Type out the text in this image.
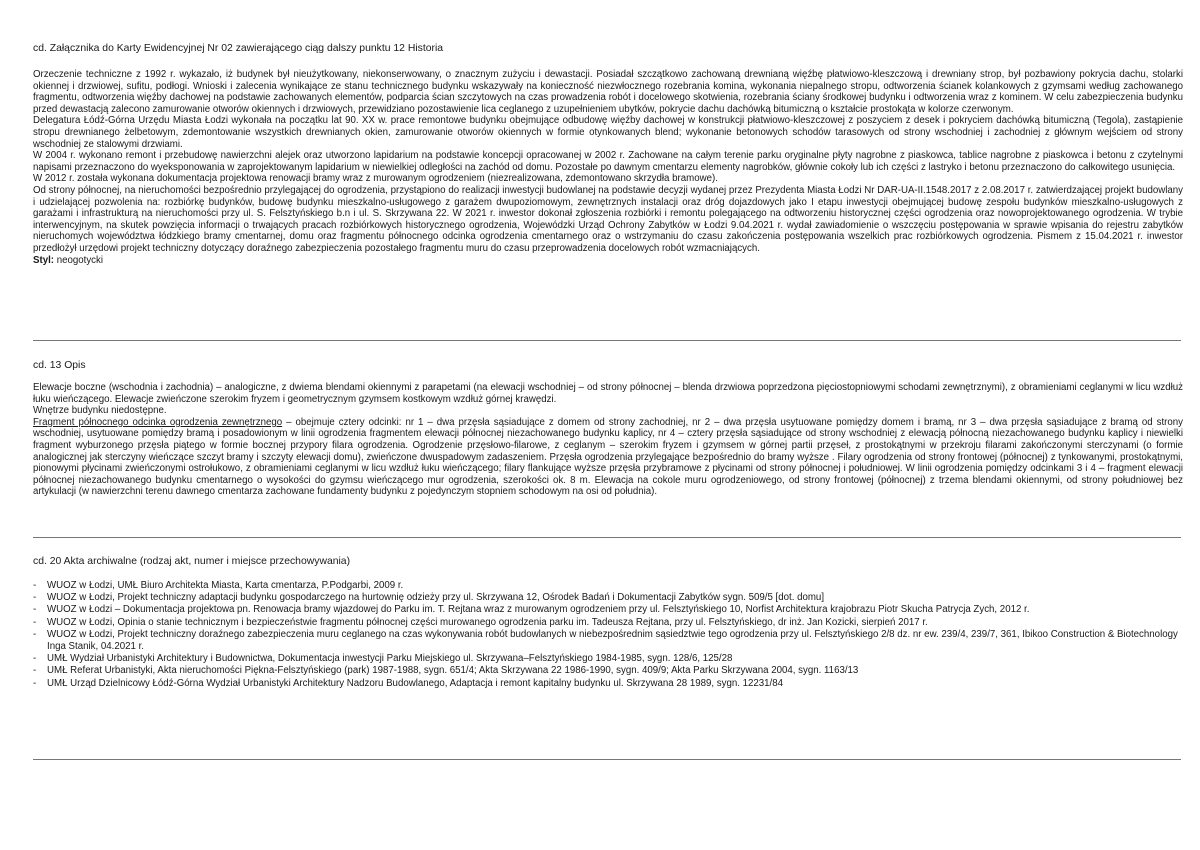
cd. Załącznika do Karty Ewidencyjnej Nr 02 zawierającego ciąg dalszy punktu 12 Historia

Orzeczenie techniczne z 1992 r. wykazało, iż budynek był nieużytkowany, niekonserwowany, o znacznym zużyciu i dewastacji. Posiadał szczątkowo zachowaną drewnianą więźbę płatwiowo-kleszczową i drewniany strop, był pozbawiony pokrycia dachu, stolarki okiennej i drzwiowej, sufitu, podłogi. Wnioski i zalecenia wynikające ze stanu technicznego budynku wskazywały na konieczność niezwłocznego rozebrania komina, wykonania niepalnego stropu, odtworzenia ścianek kolankowych z gzymsami według zachowanego fragmentu, odtworzenia więźby dachowej na podstawie zachowanych elementów, podparcia ścian szczytowych na czas prowadzenia robót i docelowego skotwienia, rozebrania ściany środkowej budynku i odtworzenia wraz z kominem. W celu zabezpieczenia budynku przed dewastacją zalecono zamurowanie otworów okiennych i drzwiowych, przewidziano pozostawienie lica ceglanego z uzupełnieniem ubytków, pokrycie dachu dachówką bitumiczną o kształcie prostokąta w kolorze czerwonym.

Delegatura Łódź-Górna Urzędu Miasta Łodzi wykonała na początku lat 90. XX w. prace remontowe budynku obejmujące odbudowę więźby dachowej w konstrukcji płatwiowo-kleszczowej z poszyciem z desek i pokryciem dachówką bitumiczną (Tegola), zastąpienie stropu drewnianego żelbetowym, zdemontowanie wszystkich drewnianych okien, zamurowanie otworów okiennych w formie otynkowanych blend; wykonanie betonowych schodów tarasowych od strony wschodniej i zachodniej z głównym wejściem od strony wschodniej ze stalowymi drzwiami.

W 2004 r. wykonano remont i przebudowę nawierzchni alejek oraz utworzono lapidarium na podstawie koncepcji opracowanej w 2002 r. Zachowane na całym terenie parku oryginalne płyty nagrobne z piaskowca, tablice nagrobne z piaskowca i betonu z czytelnymi napisami przeznaczono do wyeksponowania w zaprojektowanym lapidarium w niewielkiej odległości na zachód od domu. Pozostałe po dawnym cmentarzu elementy nagrobków, głównie cokoły lub ich części z lastryko i betonu przeznaczono do całkowitego usunięcia.

W 2012 r. została wykonana dokumentacja projektowa renowacji bramy wraz z murowanym ogrodzeniem (niezrealizowana, zdemontowano skrzydła bramowe).

Od strony północnej, na nieruchomości bezpośrednio przylegającej do ogrodzenia, przystąpiono do realizacji inwestycji budowlanej na podstawie decyzji wydanej przez Prezydenta Miasta Łodzi Nr DAR-UA-II.1548.2017 z 2.08.2017 r. zatwierdzającej projekt budowlany i udzielającej pozwolenia na: rozbiórkę budynków, budowę budynku mieszkalno-usługowego z garażem dwupoziomowym, zewnętrznych instalacji oraz dróg dojazdowych jako I etapu inwestycji obejmującej budowę zespołu budynków mieszkalno-usługowych z garażami i infrastrukturą na nieruchomości przy ul. S. Felsztyńskiego b.n i ul. S. Skrzywana 22. W 2021 r. inwestor dokonał zgłoszenia rozbiórki i remontu polegającego na odtworzeniu historycznej części ogrodzenia oraz nowoprojektowanego ogrodzenia. W trybie interwencyjnym, na skutek powzięcia informacji o trwających pracach rozbiórkowych historycznego ogrodzenia, Wojewódzki Urząd Ochrony Zabytków w Łodzi 9.04.2021 r. wydał zawiadomienie o wszczęciu postępowania w sprawie wpisania do rejestru zabytków nieruchomych województwa łódzkiego bramy cmentarnej, domu oraz fragmentu północnego odcinka ogrodzenia cmentarnego oraz o wstrzymaniu do czasu zakończenia postępowania wszelkich prac rozbiórkowych ogrodzenia. Pismem z 15.04.2021 r. inwestor przedłożył urzędowi projekt techniczny dotyczący doraźnego zabezpieczenia pozostałego fragmentu muru do czasu przeprowadzenia docelowych robót wzmacniających.

Styl: neogotycki

cd. 13 Opis

Elewacje boczne (wschodnia i zachodnia) – analogiczne, z dwiema blendami okiennymi z parapetami (na elewacji wschodniej – od strony północnej – blenda drzwiowa poprzedzona pięciostopniowymi schodami zewnętrznymi), z obramieniami ceglanymi w licu wzdłuż łuku wieńczącego. Elewacje zwieńczone szerokim fryzem i geometrycznym gzymsem kostkowym wzdłuż górnej krawędzi.

Wnętrze budynku niedostępne.

Fragment północnego odcinka ogrodzenia zewnętrznego – obejmuje cztery odcinki: nr 1 – dwa przęsła sąsiadujące z domem od strony zachodniej, nr 2 – dwa przęsła usytuowane pomiędzy domem i bramą, nr 3 – dwa przęsła sąsiadujące z bramą od strony wschodniej, usytuowane pomiędzy bramą i posadowionym w linii ogrodzenia fragmentem elewacji północnej niezachowanego budynku kaplicy, nr 4 – cztery przęsła sąsiadujące od strony wschodniej z elewacją północną niezachowanego budynku kaplicy i niewielki fragment wyburzonego przęsła piątego w formie bocznej przypory filara ogrodzenia. Ogrodzenie przęsłowo-filarowe, z ceglanym – szerokim fryzem i gzymsem w górnej partii przęseł, z prostokątnymi w przekroju filarami zakończonymi sterczynami (o formie analogicznej jak sterczyny wieńczące szczyt bramy i szczyty elewacji domu), zwieńczone dwuspadowym zadaszeniem. Przęsła ogrodzenia przylegające bezpośrednio do bramy wyższe . Filary ogrodzenia od strony frontowej (północnej) z tynkowanymi, prostokątnymi, pionowymi płycinami zwieńczonymi ostrołukowo, z obramieniami ceglanymi w licu wzdłuż łuku wieńczącego; filary flankujące wyższe przęsła przybramowe z płycinami od strony północnej i południowej. W linii ogrodzenia pomiędzy odcinkami 3 i 4 – fragment elewacji północnej niezachowanego budynku cmentarnego o wysokości do gzymsu wieńczącego mur ogrodzenia, szerokości ok. 8 m. Elewacja na cokole muru ogrodzeniowego, od strony frontowej (północnej) z trzema blendami okiennymi, od strony południowej bez artykulacji (w nawierzchni terenu dawnego cmentarza zachowane fundamenty budynku z pojedynczym stopniem schodowym na osi od południa).

cd. 20 Akta archiwalne (rodzaj akt, numer i miejsce przechowywania)
- WUOZ w Łodzi, UMŁ Biuro Architekta Miasta, Karta cmentarza, P.Podgarbi, 2009 r.
- WUOZ w Łodzi, Projekt techniczny adaptacji budynku gospodarczego na hurtownię odzieży przy ul. Skrzywana 12, Ośrodek Badań i Dokumentacji Zabytków sygn. 509/5 [dot. domu]
- WUOZ w Łodzi – Dokumentacja projektowa pn. Renowacja bramy wjazdowej do Parku im. T. Rejtana wraz z murowanym ogrodzeniem przy ul. Felsztyńskiego 10, Norfist Architektura krajobrazu Piotr Skucha Patrycja Zych, 2012 r.
- WUOZ w Łodzi, Opinia o stanie technicznym i bezpieczeństwie fragmentu północnej części murowanego ogrodzenia parku im. Tadeusza Rejtana, przy ul. Felsztyńskiego, dr inż. Jan Kozicki, sierpień 2017 r.
- WUOZ w Łodzi, Projekt techniczny doraźnego zabezpieczenia muru ceglanego na czas wykonywania robót budowlanych w niebezpośrednim sąsiedztwie tego ogrodzenia przy ul. Felsztyńskiego 2/8 dz. nr ew. 239/4, 239/7, 361, Ibikoo Construction & Biotechnology Inga Stanik, 04.2021 r.
- UMŁ Wydział Urbanistyki Architektury i Budownictwa, Dokumentacja inwestycji Parku Miejskiego ul. Skrzywana–Felsztyńskiego 1984-1985, sygn. 128/6, 125/28
- UMŁ Referat Urbanistyki, Akta nieruchomości Piękna-Felsztyńskiego (park) 1987-1988, sygn. 651/4; Akta Skrzywana 22 1986-1990, sygn. 409/9; Akta Parku Skrzywana 2004, sygn. 1163/13
- UMŁ Urząd Dzielnicowy Łódź-Górna Wydział Urbanistyki Architektury Nadzoru Budowlanego, Adaptacja i remont kapitalny budynku ul. Skrzywana 28 1989, sygn. 12231/84
